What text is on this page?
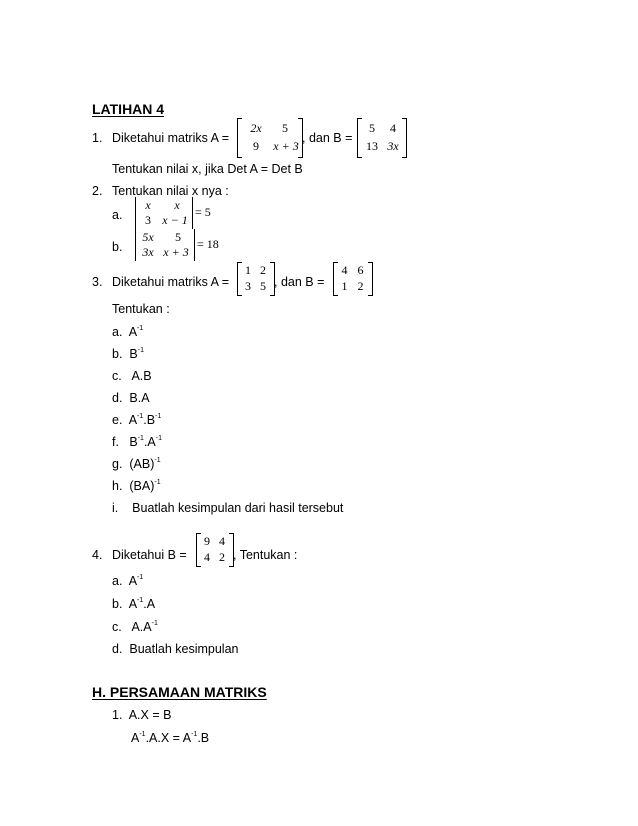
LATIHAN 4
1. Diketahui matriks A =
2x	5
9	x + 3
, dan B =
5	4
13 3x
Tentukan nilai x, jika Det A = Det B
2. Tentukan nilai x nya :
a.
x	x
3 x − 1
= 5
b.
5x	5
3x x + 3
= 18
3. Diketahui matriks A =
1 2
3 5 , dan B =
4 6
1 2
Tentukan :
a. $A^{-1}$
b. $B^{-1}$
c. A.B
d. B.A
e. $A^{-1}.B^{-1}$
f. $B^{-1}.A^{-1}$
g. (AB)$^{-1}$
h. (BA)$^{-1}$
i. Buatlah kesimpulan dari hasil tersebut
4. Diketahui B =
9 4
4 2 , Tentukan :
a. $A^{-1}$
b. $A^{-1}.A$
c. $A.A^{-1}$
d. Buatlah kesimpulan
H. PERSAMAAN MATRIKS
1. A.X = B
$A^{-1}.A.X = A^{-1}.B$
